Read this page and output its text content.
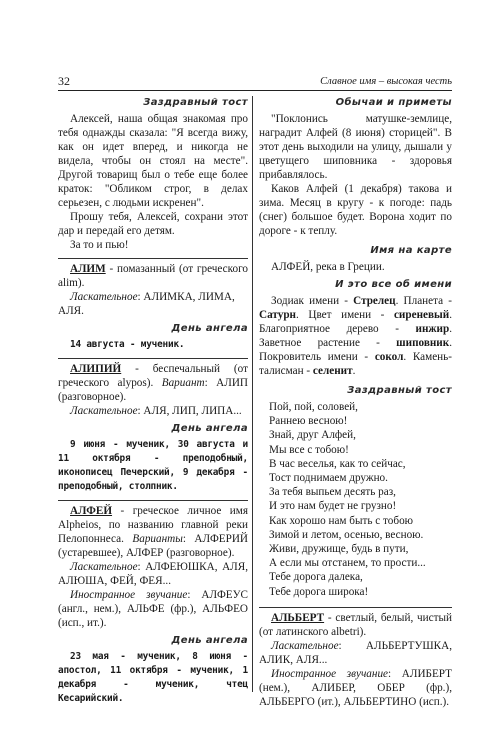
32	Славное имя – высокая честь
Заздравный тост

Алексей, наша общая знакомая про тебя однажды сказала: "Я всегда вижу, как он идет вперед, и никогда не видела, чтобы он стоял на месте". Другой товарищ был о тебе еще более краток: "Обликом строг, в делах серьезен, с людьми искренен".

Прошу тебя, Алексей, сохрани этот дар и передай его детям.

За то и пью!

АЛИМ - помазанный (от греческого alim).

Ласкательное: АЛИМКА, ЛИМА, АЛЯ.

День ангела

14 августа - мученик.

АЛИПИЙ - беспечальный (от греческого alypos). Вариант: АЛИП (разговорное).

Ласкательное: АЛЯ, ЛИП, ЛИПА...

День ангела

9 июня - мученик, 30 августа и 11 октября - преподобный, иконописец Печерский, 9 декабря - преподобный, столпник.

АЛФЕЙ - греческое личное имя Alpheios, по названию главной реки Пелопоннеса. Варианты: АЛФЕРИЙ (устаревшее), АЛФЕР (разговорное).

Ласкательное: АЛФЕЮШКА, АЛЯ, АЛЮША, ФЕЙ, ФЕЯ...

Иностранное звучание: АЛФЕУС (англ., нем.), АЛЬФЕ (фр.), АЛЬФЕО (исп., ит.).

День ангела

23 мая - мученик, 8 июня - апостол, 11 октября - мученик, 1 декабря - мученик, чтец Кесарийский.

Обычаи и приметы

"Поклонись матушке-землице, наградит Алфей (8 июня) сторицей". В этот день выходили на улицу, дышали у цветущего шиповника - здоровья прибавлялось.

Каков Алфей (1 декабря) такова и зима. Месяц в кругу - к погоде: падь (снег) большое будет. Ворона ходит по дороге - к теплу.

Имя на карте

АЛФЕЙ, река в Греции.

И это все об имени

Зодиак имени - Стрелец. Планета - Сатурн. Цвет имени - сиреневый. Благоприятное дерево - инжир. Заветное растение - шиповник. Покровитель имени - сокол. Камень-талисман - селенит.

Заздравный тост

Пой, пой, соловей,

Раннею весною!

Знай, друг Алфей,

Мы все с тобою!

В час веселья, как то сейчас,

Тост поднимаем дружно.

За тебя выпьем десять раз,

И это нам будет не грузно!

Как хорошо нам быть с тобою

Зимой и летом, осенью, весною.

Живи, дружище, будь в пути,

А если мы отстанем, то прости...

Тебе дорога далека,

Тебе дорога широка!

АЛЬБЕРТ - светлый, белый, чистый (от латинского albetri).

Ласкательное: АЛЬБЕРТУШКА, АЛИК, АЛЯ...

Иностранное звучание: АЛИБЕРТ (нем.), АЛИБЕР, ОБЕР (фр.), АЛЬБЕРГО (ит.), АЛЬБЕРТИНО (исп.).
